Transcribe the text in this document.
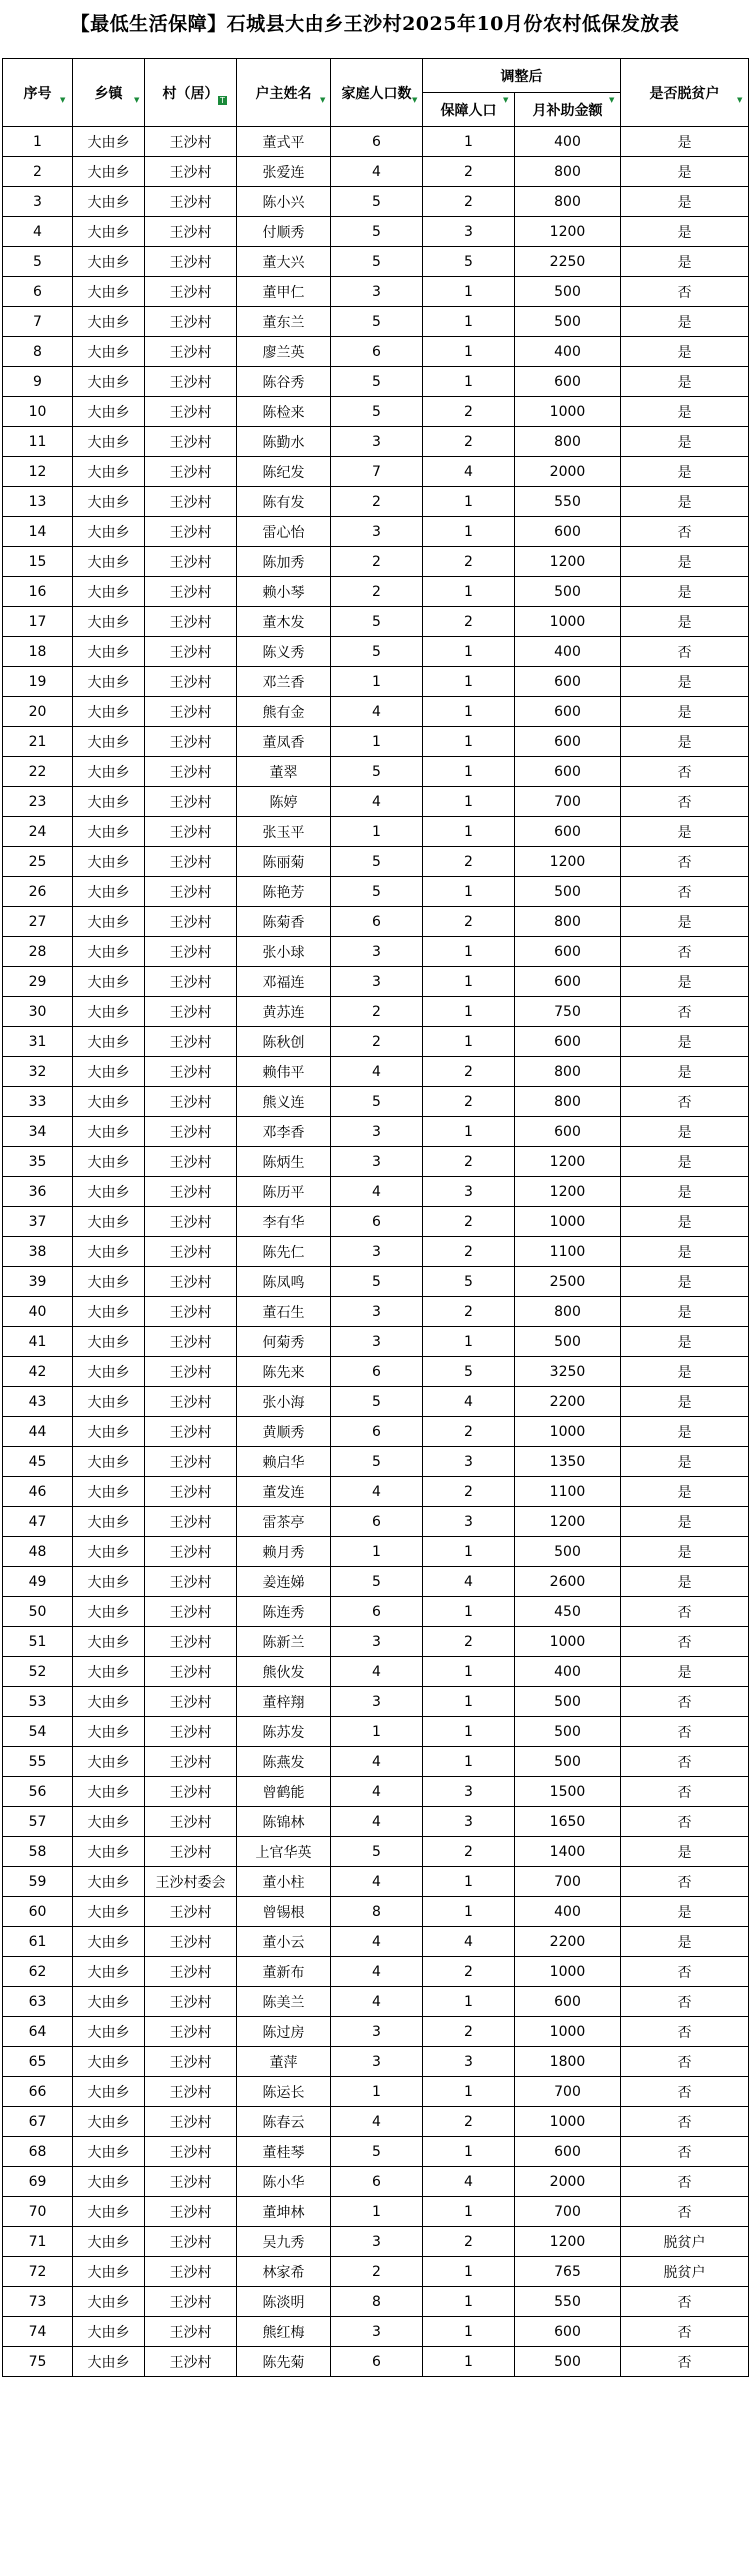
【最低生活保障】石城县大由乡王沙村2025年10月份农村低保发放表
▼	▼	T	▼	▼	▼	▼	▼
序号	乡镇	村（居）	户主姓名	家庭人口数	调整后		是否脱贫户
					保障人口	月补助金额	
1	大由乡	王沙村	董式平	6	1	400	是
2	大由乡	王沙村	张爱连	4	2	800	是
3	大由乡	王沙村	陈小兴	5	2	800	是
4	大由乡	王沙村	付顺秀	5	3	1200	是
5	大由乡	王沙村	董大兴	5	5	2250	是
6	大由乡	王沙村	董甲仁	3	1	500	否
7	大由乡	王沙村	董东兰	5	1	500	是
8	大由乡	王沙村	廖兰英	6	1	400	是
9	大由乡	王沙村	陈谷秀	5	1	600	是
10	大由乡	王沙村	陈检来	5	2	1000	是
11	大由乡	王沙村	陈勤水	3	2	800	是
12	大由乡	王沙村	陈纪发	7	4	2000	是
13	大由乡	王沙村	陈有发	2	1	550	是
14	大由乡	王沙村	雷心怡	3	1	600	否
15	大由乡	王沙村	陈加秀	2	2	1200	是
16	大由乡	王沙村	赖小琴	2	1	500	是
17	大由乡	王沙村	董木发	5	2	1000	是
18	大由乡	王沙村	陈义秀	5	1	400	否
19	大由乡	王沙村	邓兰香	1	1	600	是
20	大由乡	王沙村	熊有金	4	1	600	是
21	大由乡	王沙村	董凤香	1	1	600	是
22	大由乡	王沙村	董翠	5	1	600	否
23	大由乡	王沙村	陈婷	4	1	700	否
24	大由乡	王沙村	张玉平	1	1	600	是
25	大由乡	王沙村	陈丽菊	5	2	1200	否
26	大由乡	王沙村	陈艳芳	5	1	500	否
27	大由乡	王沙村	陈菊香	6	2	800	是
28	大由乡	王沙村	张小球	3	1	600	否
29	大由乡	王沙村	邓福连	3	1	600	是
30	大由乡	王沙村	黄苏连	2	1	750	否
31	大由乡	王沙村	陈秋创	2	1	600	是
32	大由乡	王沙村	赖伟平	4	2	800	是
33	大由乡	王沙村	熊义连	5	2	800	否
34	大由乡	王沙村	邓李香	3	1	600	是
35	大由乡	王沙村	陈炳生	3	2	1200	是
36	大由乡	王沙村	陈历平	4	3	1200	是
37	大由乡	王沙村	李有华	6	2	1000	是
38	大由乡	王沙村	陈先仁	3	2	1100	是
39	大由乡	王沙村	陈凤鸣	5	5	2500	是
40	大由乡	王沙村	董石生	3	2	800	是
41	大由乡	王沙村	何菊秀	3	1	500	是
42	大由乡	王沙村	陈先来	6	5	3250	是
43	大由乡	王沙村	张小海	5	4	2200	是
44	大由乡	王沙村	黄顺秀	6	2	1000	是
45	大由乡	王沙村	赖启华	5	3	1350	是
46	大由乡	王沙村	董发连	4	2	1100	是
47	大由乡	王沙村	雷茶亭	6	3	1200	是
48	大由乡	王沙村	赖月秀	1	1	500	是
49	大由乡	王沙村	姜连娣	5	4	2600	是
50	大由乡	王沙村	陈连秀	6	1	450	否
51	大由乡	王沙村	陈新兰	3	2	1000	否
52	大由乡	王沙村	熊伙发	4	1	400	是
53	大由乡	王沙村	董梓翔	3	1	500	否
54	大由乡	王沙村	陈苏发	1	1	500	否
55	大由乡	王沙村	陈燕发	4	1	500	否
56	大由乡	王沙村	曾鹤能	4	3	1500	否
57	大由乡	王沙村	陈锦林	4	3	1650	否
58	大由乡	王沙村	上官华英	5	2	1400	是
59	大由乡	王沙村委会	董小柱	4	1	700	否
60	大由乡	王沙村	曾锡根	8	1	400	是
61	大由乡	王沙村	董小云	4	4	2200	是
62	大由乡	王沙村	董新布	4	2	1000	否
63	大由乡	王沙村	陈美兰	4	1	600	否
64	大由乡	王沙村	陈过房	3	2	1000	否
65	大由乡	王沙村	董萍	3	3	1800	否
66	大由乡	王沙村	陈运长	1	1	700	否
67	大由乡	王沙村	陈春云	4	2	1000	否
68	大由乡	王沙村	董桂琴	5	1	600	否
69	大由乡	王沙村	陈小华	6	4	2000	否
70	大由乡	王沙村	董坤林	1	1	700	否
71	大由乡	王沙村	吴九秀	3	2	1200	脱贫户
72	大由乡	王沙村	林家希	2	1	765	脱贫户
73	大由乡	王沙村	陈淡明	8	1	550	否
74	大由乡	王沙村	熊红梅	3	1	600	否
75	大由乡	王沙村	陈先菊	6	1	500	否
